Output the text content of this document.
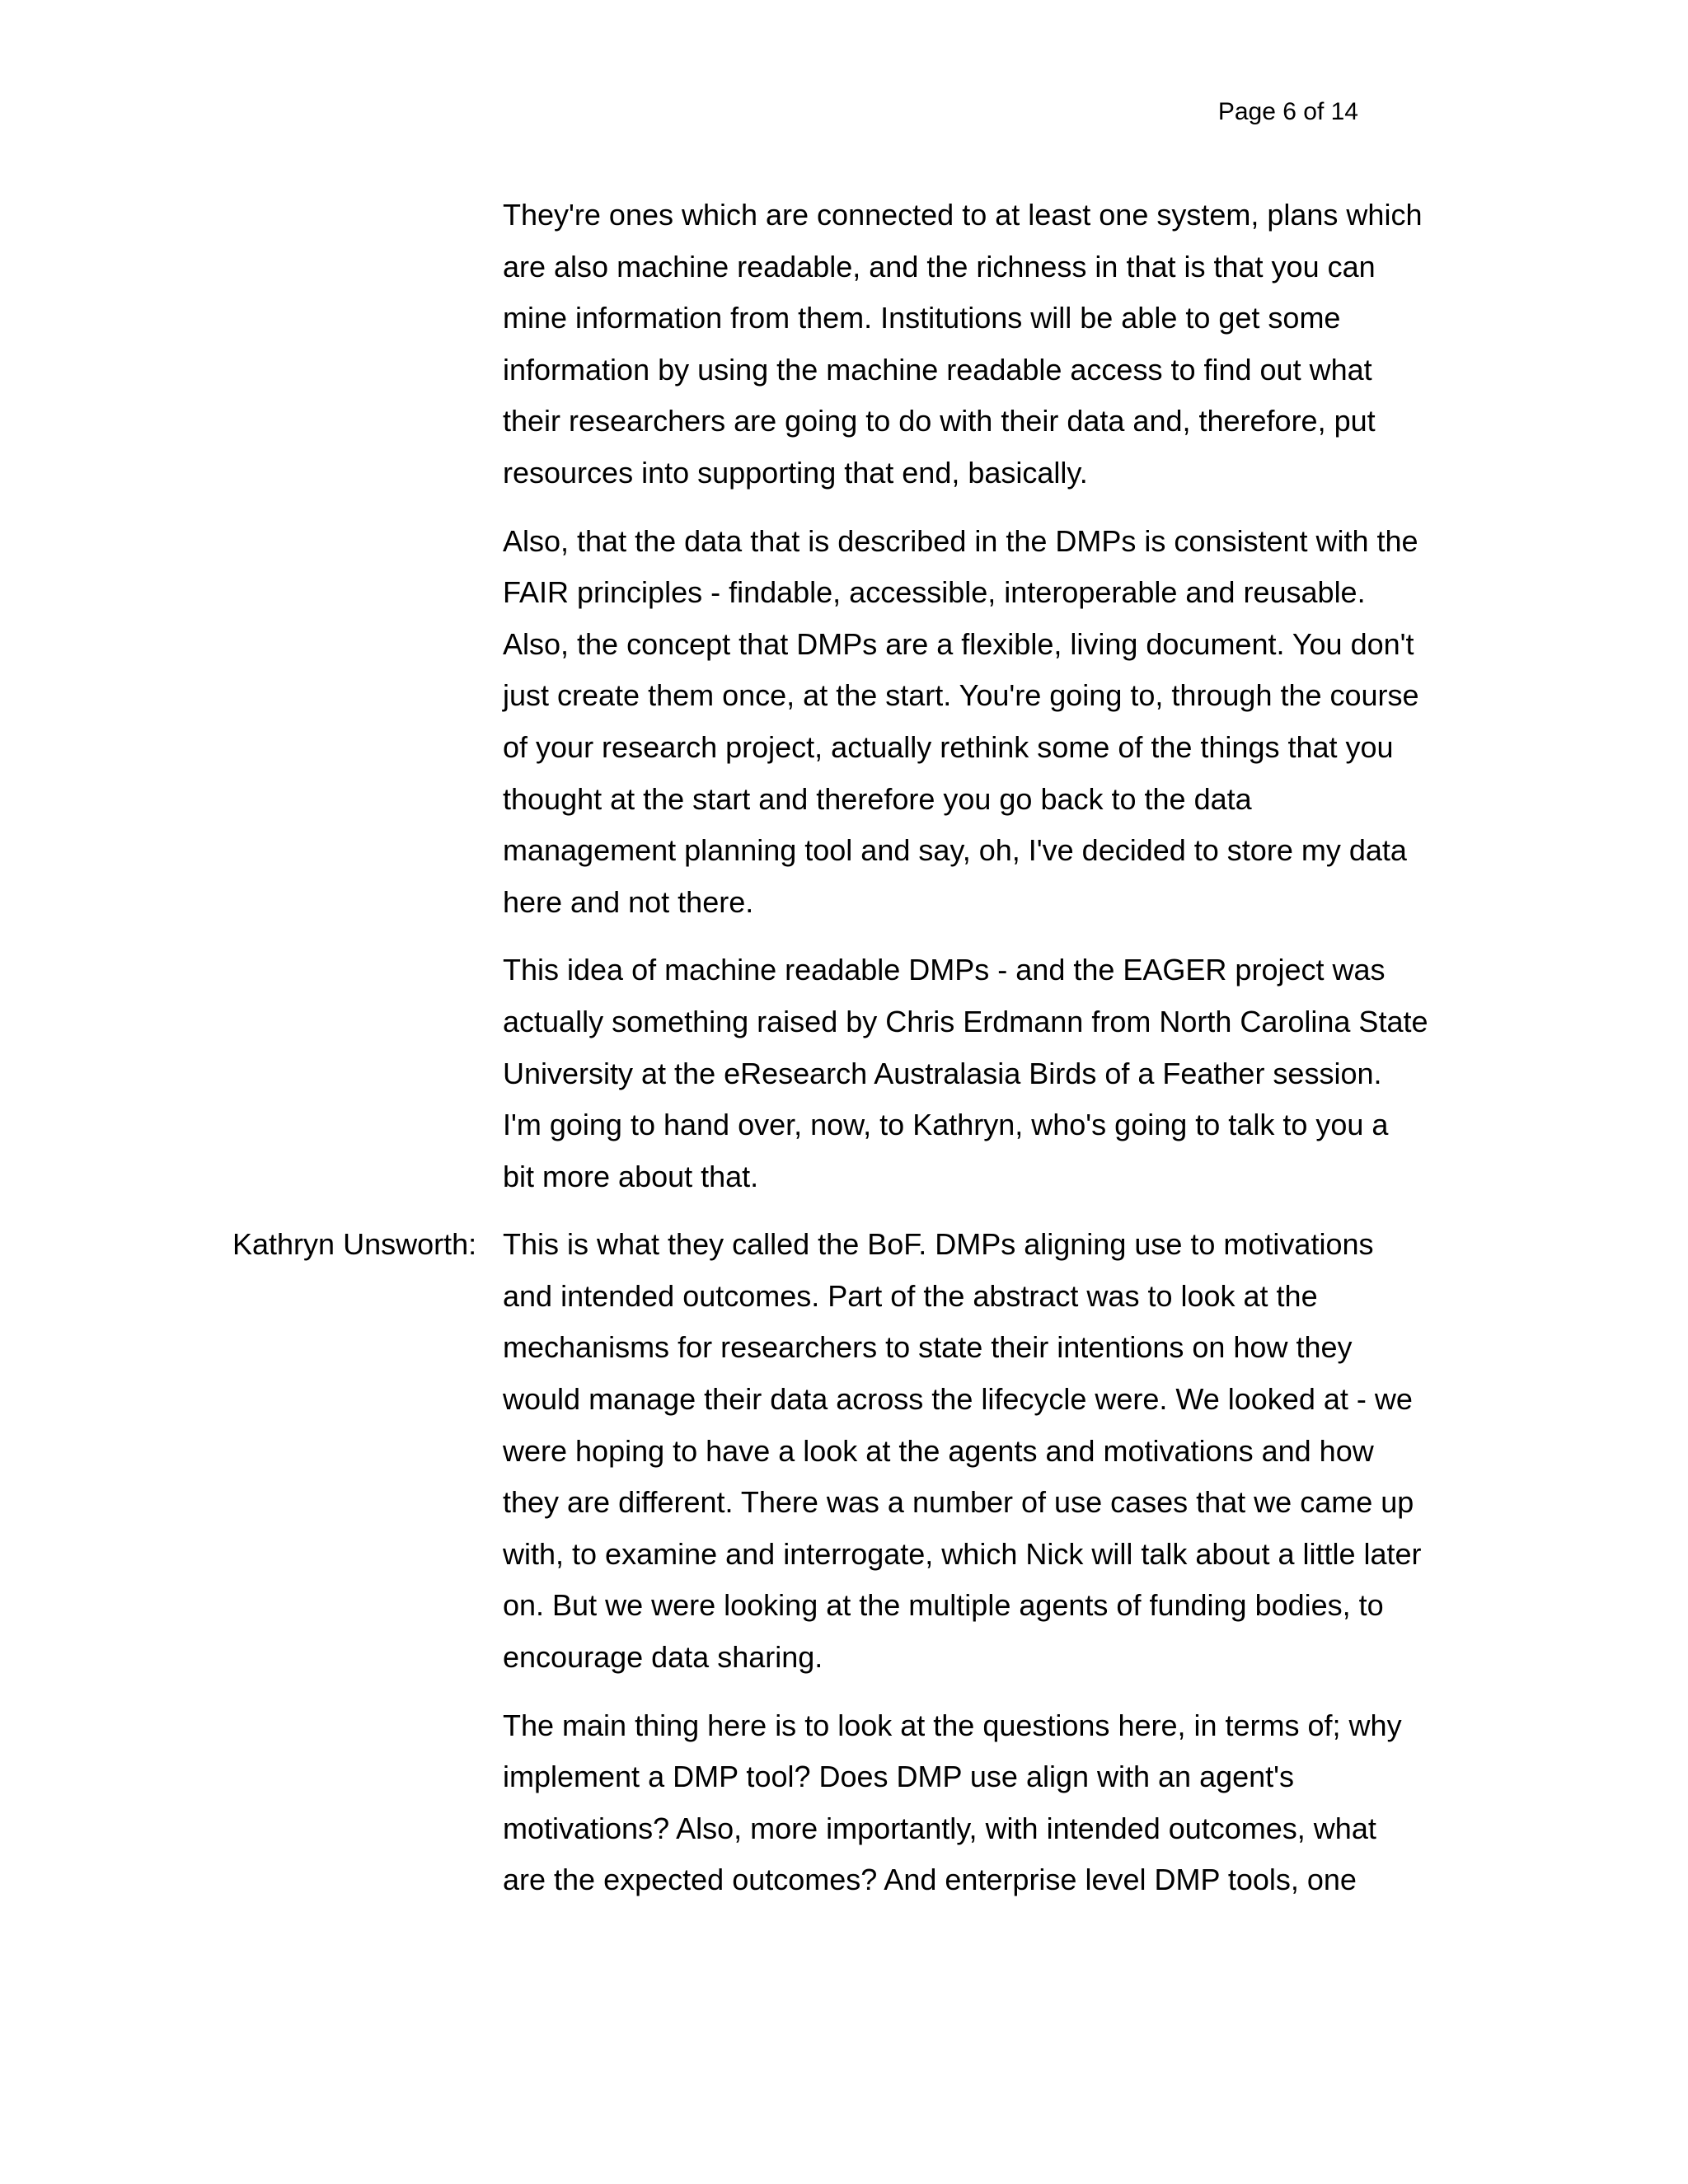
Page 6 of 14
They're ones which are connected to at least one system, plans which
are also machine readable, and the richness in that is that you can
mine information from them. Institutions will be able to get some
information by using the machine readable access to find out what
their researchers are going to do with their data and, therefore, put
resources into supporting that end, basically.
Also, that the data that is described in the DMPs is consistent with the
FAIR principles - findable, accessible, interoperable and reusable.
Also, the concept that DMPs are a flexible, living document. You don't
just create them once, at the start. You're going to, through the course
of your research project, actually rethink some of the things that you
thought at the start and therefore you go back to the data
management planning tool and say, oh, I've decided to store my data
here and not there.
This idea of machine readable DMPs - and the EAGER project was
actually something raised by Chris Erdmann from North Carolina State
University at the eResearch Australasia Birds of a Feather session.
I'm going to hand over, now, to Kathryn, who's going to talk to you a
bit more about that.
Kathryn Unsworth: This is what they called the BoF. DMPs aligning use to motivations
and intended outcomes. Part of the abstract was to look at the
mechanisms for researchers to state their intentions on how they
would manage their data across the lifecycle were. We looked at - we
were hoping to have a look at the agents and motivations and how
they are different. There was a number of use cases that we came up
with, to examine and interrogate, which Nick will talk about a little later
on. But we were looking at the multiple agents of funding bodies, to
encourage data sharing.
The main thing here is to look at the questions here, in terms of; why
implement a DMP tool? Does DMP use align with an agent's
motivations? Also, more importantly, with intended outcomes, what
are the expected outcomes? And enterprise level DMP tools, one
